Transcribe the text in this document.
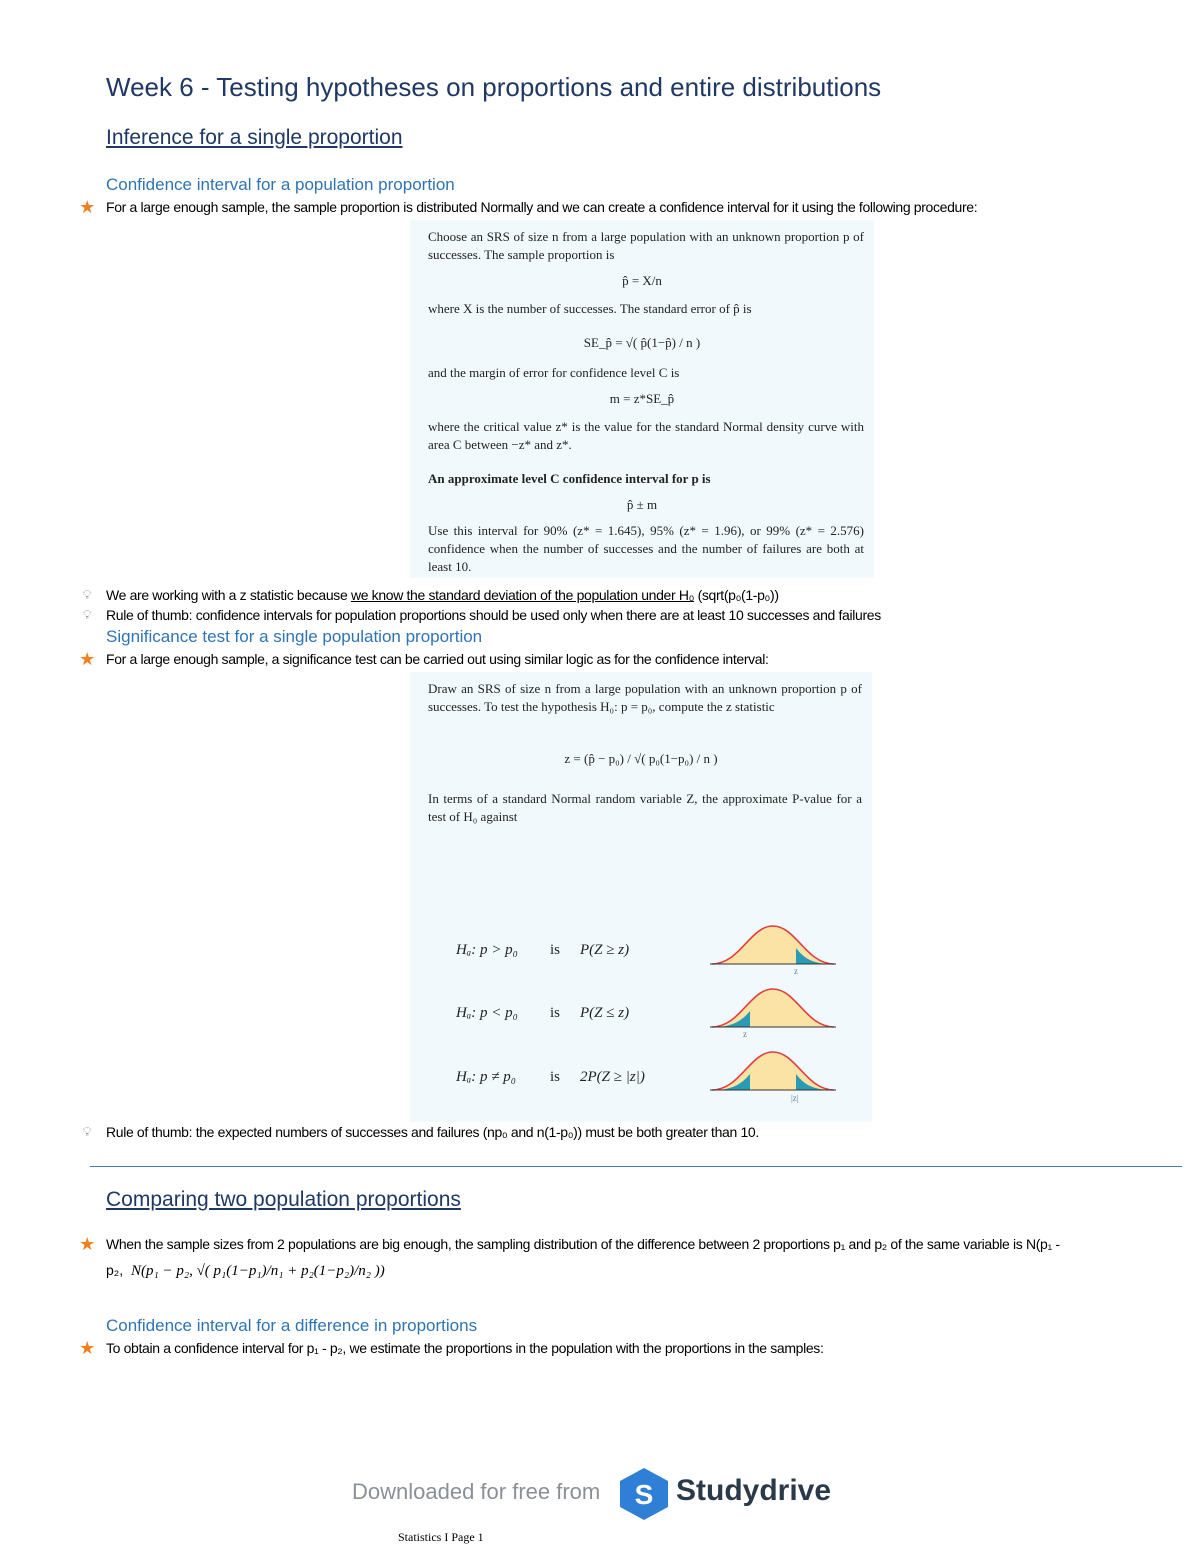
Week 6 - Testing hypotheses on proportions and entire distributions
Inference for a single proportion
Confidence interval for a population proportion
★ For a large enough sample, the sample proportion is distributed Normally and we can create a confidence interval for it using the following procedure:

Choose an SRS of size n from a large population with an unknown proportion p of successes. The sample proportion is

p̂ = X/n

where X is the number of successes. The standard error of p̂ is

SE_p̂ = √( p̂(1−p̂) / n )

and the margin of error for confidence level C is

m = z*SE_p̂

where the critical value z* is the value for the standard Normal density curve with area C between −z* and z*.

An approximate level C confidence interval for p is

p̂ ± m

Use this interval for 90% (z* = 1.645), 95% (z* = 1.96), or 99% (z* = 2.576) confidence when the number of successes and the number of failures are both at least 10.

💡︎	We are working with a z statistic because we know the standard deviation of the population under H₀ (sqrt(p₀(1-p₀))
💡︎	Rule of thumb: confidence intervals for population proportions should be used only when there are at least 10 successes and failures
Significance test for a single population proportion
★ For a large enough sample, a significance test can be carried out using similar logic as for the confidence interval:

Draw an SRS of size n from a large population with an unknown proportion p of successes. To test the hypothesis H₀: p = p₀, compute the z statistic

z = (p̂ − p₀) / √( p₀(1−p₀) / n )

In terms of a standard Normal random variable Z, the approximate P-value for a test of H₀ against

Hₐ: p > p₀ is P(Z ≥ z)
z
Hₐ: p < p₀ is P(Z ≤ z)
z
Hₐ: p ≠ p₀ is 2P(Z ≥ |z|)
|z|
💡︎	Rule of thumb: the expected numbers of successes and failures (np₀ and n(1-p₀)) must be both greater than 10.
Comparing two population proportions
★ When the sample sizes from 2 populations are big enough, the sampling distribution of the difference between 2 proportions p₁ and p₂ of the same variable is N(p₁ -
p₂, N(p₁ − p₂, √( p₁(1−p₁)/n₁ + p₂(1−p₂)/n₂ ))
Confidence interval for a difference in proportions
★ To obtain a confidence interval for p₁ - p₂, we estimate the proportions in the population with the proportions in the samples:
Downloaded for free from S Studydrive
Statistics I Page 1
